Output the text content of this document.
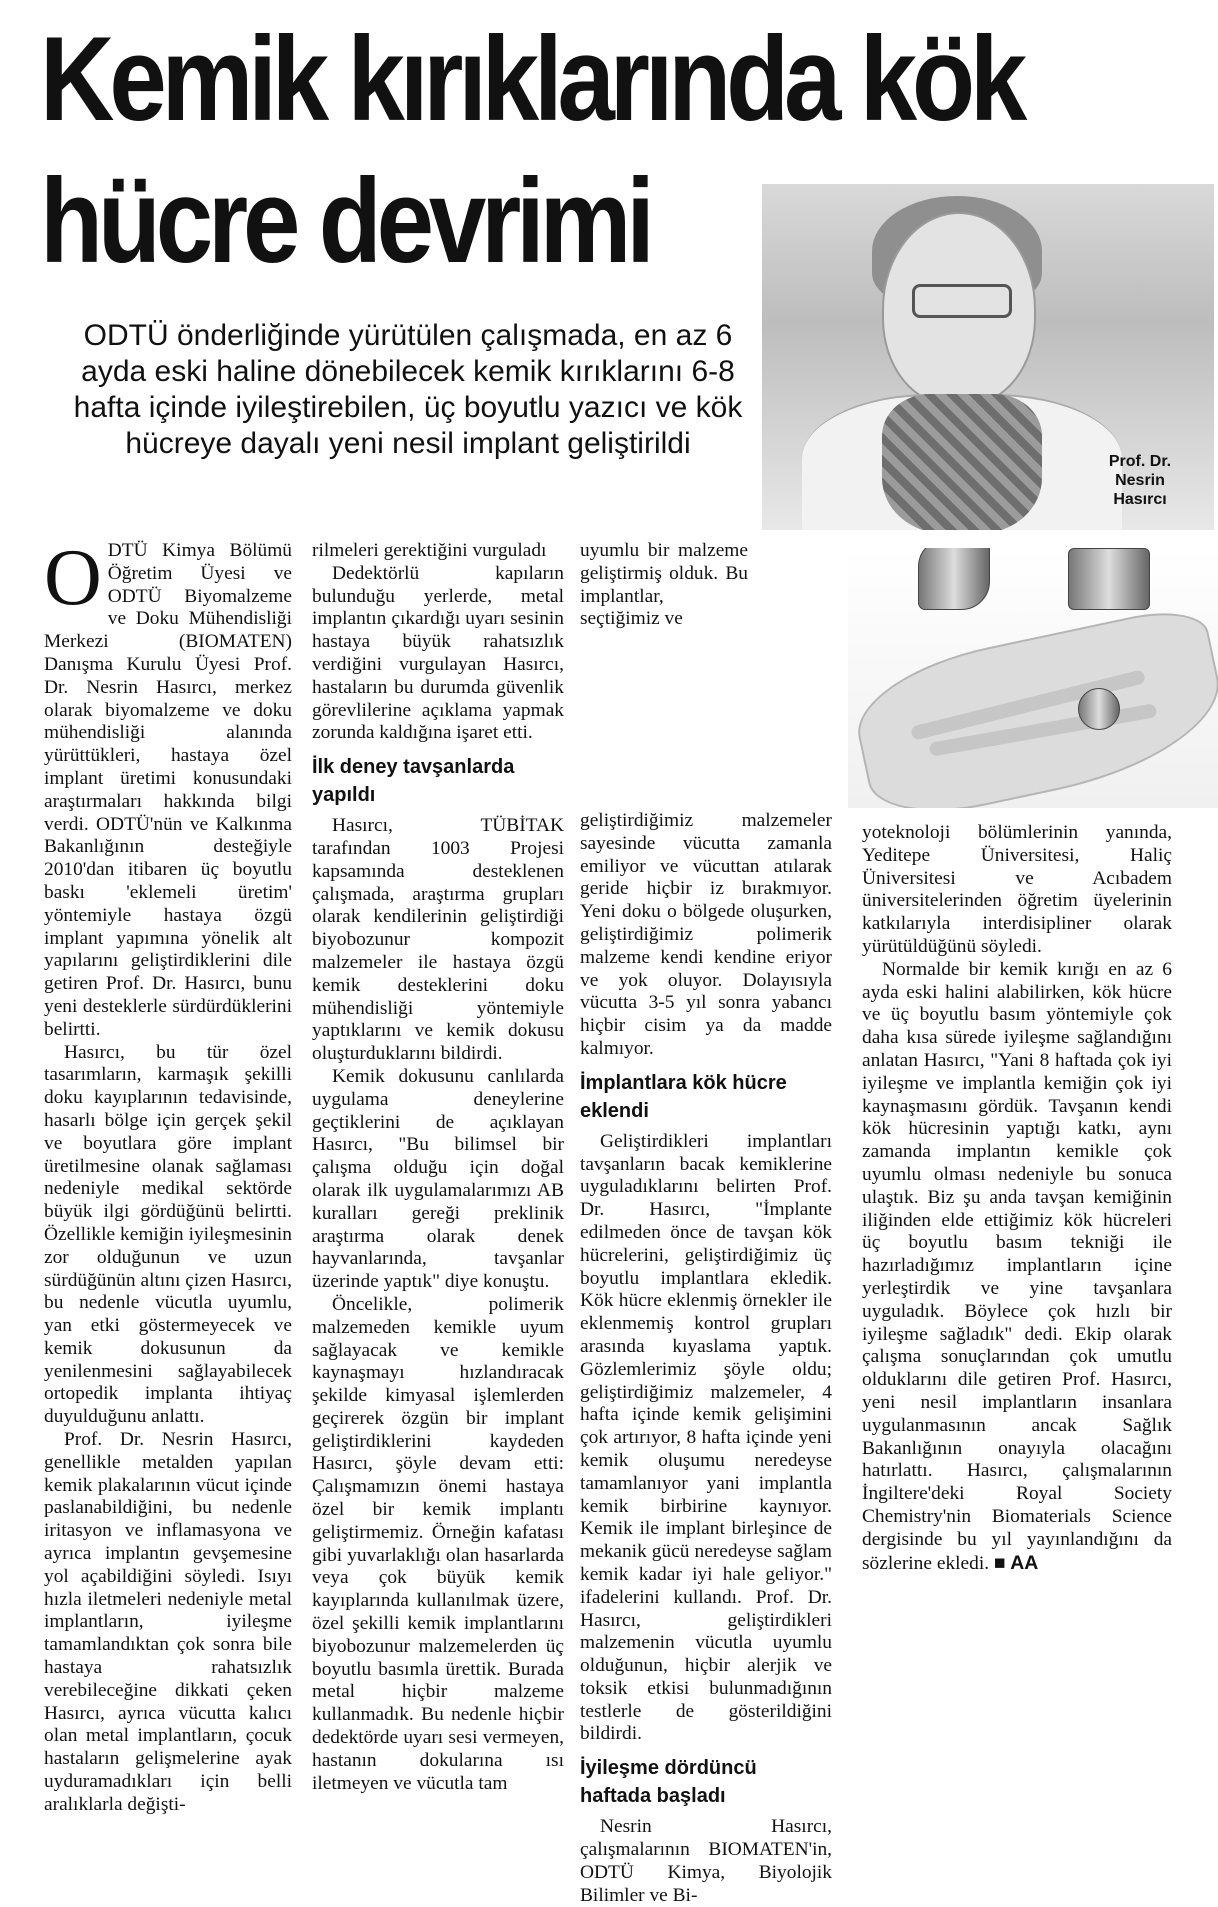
Kemik kırıklarında kök
hücre devrimi
ODTÜ önderliğinde yürütülen çalışmada, en az 6 ayda eski haline dönebilecek kemik kırıklarını 6-8 hafta içinde iyileştirebilen, üç boyutlu yazıcı ve kök hücreye dayalı yeni nesil implant geliştirildi
Prof. Dr.
Nesrin
Hasırcı

ODTÜ Kimya Bölümü Öğretim Üyesi ve ODTÜ Biyomalzeme ve Doku Mühendisliği Merkezi (BIOMATEN) Danışma Kurulu Üyesi Prof. Dr. Nesrin Hasırcı, merkez olarak biyomalzeme ve doku mühendisliği alanında yürüttükleri, hastaya özel implant üretimi konusundaki araştırmaları hakkında bilgi verdi. ODTÜ'nün ve Kalkınma Bakanlığının desteğiyle 2010'dan itibaren üç boyutlu baskı 'eklemeli üretim' yöntemiyle hastaya özgü implant yapımına yönelik alt yapılarını geliştirdiklerini dile getiren Prof. Dr. Hasırcı, bunu yeni desteklerle sürdürdüklerini belirtti.

Hasırcı, bu tür özel tasarımların, karmaşık şekilli doku kayıplarının tedavisinde, hasarlı bölge için gerçek şekil ve boyutlara göre implant üretilmesine olanak sağlaması nedeniyle medikal sektörde büyük ilgi gördüğünü belirtti. Özellikle kemiğin iyileşmesinin zor olduğunun ve uzun sürdüğünün altını çizen Hasırcı, bu nedenle vücutla uyumlu, yan etki göstermeyecek ve kemik dokusunun da yenilenmesini sağlayabilecek ortopedik implanta ihtiyaç duyulduğunu anlattı.

Prof. Dr. Nesrin Hasırcı, genellikle metalden yapılan kemik plakalarının vücut içinde paslanabildiğini, bu nedenle iritasyon ve inflamasyona ve ayrıca implantın gevşemesine yol açabildiğini söyledi. Isıyı hızla iletmeleri nedeniyle metal implantların, iyileşme tamamlandıktan çok sonra bile hastaya rahatsızlık verebileceğine dikkati çeken Hasırcı, ayrıca vücutta kalıcı olan metal implantların, çocuk hastaların gelişmelerine ayak uyduramadıkları için belli aralıklarla değişti-

rilmeleri gerektiğini vurguladı

Dedektörlü kapıların bulunduğu yerlerde, metal implantın çıkardığı uyarı sesinin hastaya büyük rahatsızlık verdiğini vurgulayan Hasırcı, hastaların bu durumda güvenlik görevlilerine açıklama yapmak zorunda kaldığına işaret etti.

İlk deney tavşanlarda yapıldı

Hasırcı, TÜBİTAK tarafından 1003 Projesi kapsamında desteklenen çalışmada, araştırma grupları olarak kendilerinin geliştirdiği biyobozunur kompozit malzemeler ile hastaya özgü kemik desteklerini doku mühendisliği yöntemiyle yaptıklarını ve kemik dokusu oluşturduklarını bildirdi.

Kemik dokusunu canlılarda uygulama deneylerine geçtiklerini de açıklayan Hasırcı, "Bu bilimsel bir çalışma olduğu için doğal olarak ilk uygulamalarımızı AB kuralları gereği preklinik araştırma olarak denek hayvanlarında, tavşanlar üzerinde yaptık" diye konuştu.

Öncelikle, polimerik malzemeden kemikle uyum sağlayacak ve kemikle kaynaşmayı hızlandıracak şekilde kimyasal işlemlerden geçirerek özgün bir implant geliştirdiklerini kaydeden Hasırcı, şöyle devam etti: Çalışmamızın önemi hastaya özel bir kemik implantı geliştirmemiz. Örneğin kafatası gibi yuvarlaklığı olan hasarlarda veya çok büyük kemik kayıplarında kullanılmak üzere, özel şekilli kemik implantlarını biyobozunur malzemelerden üç boyutlu basımla ürettik. Burada metal hiçbir malzeme kullanmadık. Bu nedenle hiçbir dedektörde uyarı sesi vermeyen, hastanın dokularına ısı iletmeyen ve vücutla tam

uyumlu bir malzeme geliştirmiş olduk. Bu implantlar, seçtiğimiz ve

geliştirdiğimiz malzemeler sayesinde vücutta zamanla emiliyor ve vücuttan atılarak geride hiçbir iz bırakmıyor. Yeni doku o bölgede oluşurken, geliştirdiğimiz polimerik malzeme kendi kendine eriyor ve yok oluyor. Dolayısıyla vücutta 3-5 yıl sonra yabancı hiçbir cisim ya da madde kalmıyor.

İmplantlara kök hücre eklendi

Geliştirdikleri implantları tavşanların bacak kemiklerine uyguladıklarını belirten Prof. Dr. Hasırcı, "İmplante edilmeden önce de tavşan kök hücrelerini, geliştirdiğimiz üç boyutlu implantlara ekledik. Kök hücre eklenmiş örnekler ile eklenmemiş kontrol grupları arasında kıyaslama yaptık. Gözlemlerimiz şöyle oldu; geliştirdiğimiz malzemeler, 4 hafta içinde kemik gelişimini çok artırıyor, 8 hafta içinde yeni kemik oluşumu neredeyse tamamlanıyor yani implantla kemik birbirine kaynıyor. Kemik ile implant birleşince de mekanik gücü neredeyse sağlam kemik kadar iyi hale geliyor." ifadelerini kullandı. Prof. Dr. Hasırcı, geliştirdikleri malzemenin vücutla uyumlu olduğunun, hiçbir alerjik ve toksik etkisi bulunmadığının testlerle de gösterildiğini bildirdi.

İyileşme dördüncü haftada başladı

Nesrin Hasırcı, çalışmalarının BIOMATEN'in, ODTÜ Kimya, Biyolojik Bilimler ve Bi-

yoteknoloji bölümlerinin yanında, Yeditepe Üniversitesi, Haliç Üniversitesi ve Acıbadem üniversitelerinden öğretim üyelerinin katkılarıyla interdisipliner olarak yürütüldüğünü söyledi.

Normalde bir kemik kırığı en az 6 ayda eski halini alabilirken, kök hücre ve üç boyutlu basım yöntemiyle çok daha kısa sürede iyileşme sağlandığını anlatan Hasırcı, "Yani 8 haftada çok iyi iyileşme ve implantla kemiğin çok iyi kaynaşmasını gördük. Tavşanın kendi kök hücresinin yaptığı katkı, aynı zamanda implantın kemikle çok uyumlu olması nedeniyle bu sonuca ulaştık. Biz şu anda tavşan kemiğinin iliğinden elde ettiğimiz kök hücreleri üç boyutlu basım tekniği ile hazırladığımız implantların içine yerleştirdik ve yine tavşanlara uyguladık. Böylece çok hızlı bir iyileşme sağladık" dedi. Ekip olarak çalışma sonuçlarından çok umutlu olduklarını dile getiren Prof. Hasırcı, yeni nesil implantların insanlara uygulanmasının ancak Sağlık Bakanlığının onayıyla olacağını hatırlattı. Hasırcı, çalışmalarının İngiltere'deki Royal Society Chemistry'nin Biomaterials Science dergisinde bu yıl yayınlandığını da sözlerine ekledi. ■ AA
